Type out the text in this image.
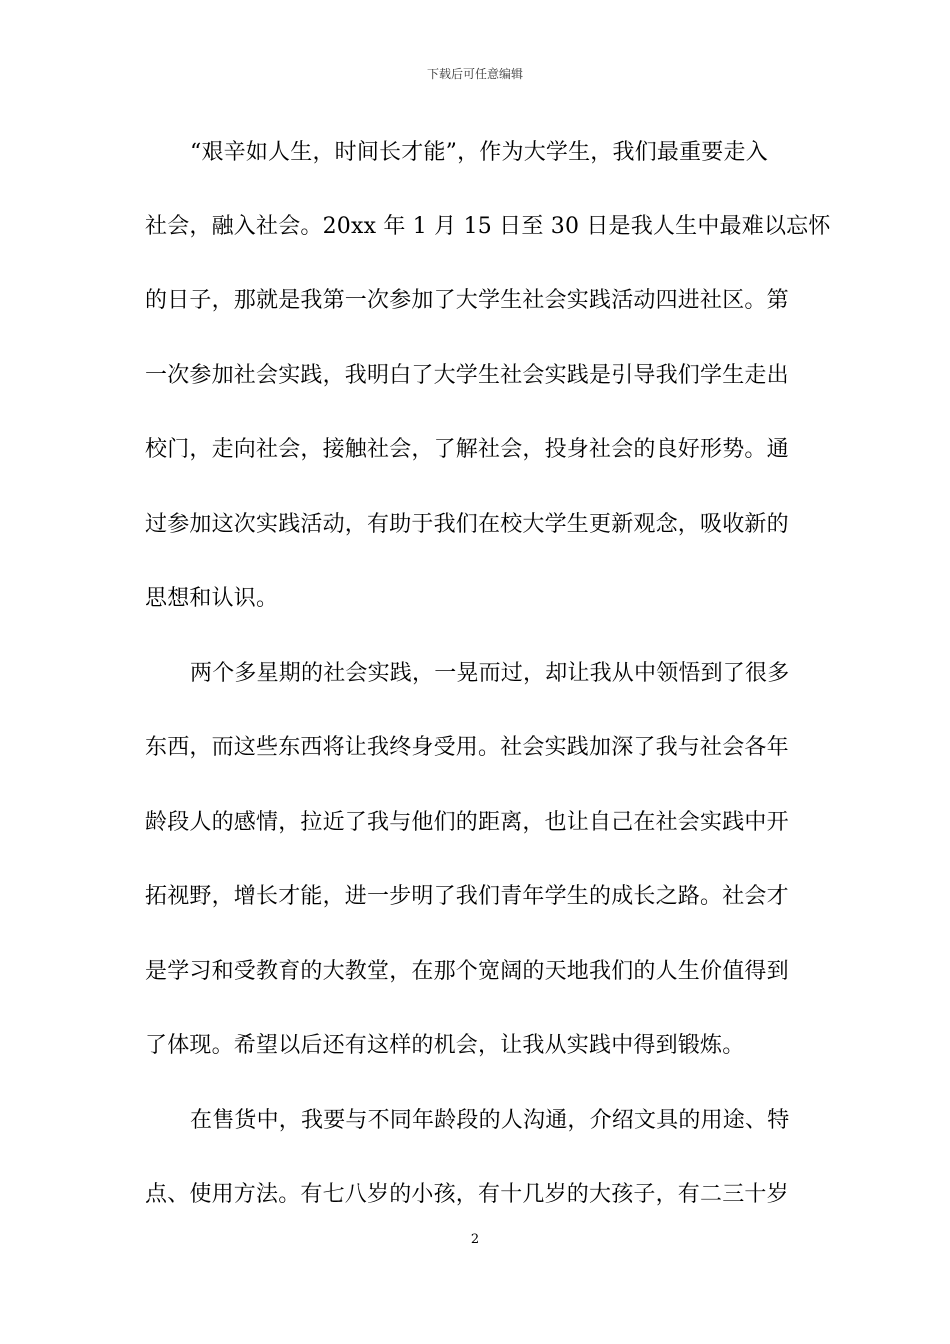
下载后可任意编辑
“艰辛如人生，时间长才能”，作为大学生，我们最重要走入
社会，融入社会。20xx 年 1 月 15 日至 30 日是我人生中最难以忘怀
的日子，那就是我第一次参加了大学生社会实践活动四进社区。第
一次参加社会实践，我明白了大学生社会实践是引导我们学生走出
校门，走向社会，接触社会，了解社会，投身社会的良好形势。通
过参加这次实践活动，有助于我们在校大学生更新观念，吸收新的
思想和认识。
两个多星期的社会实践，一晃而过，却让我从中领悟到了很多
东西，而这些东西将让我终身受用。社会实践加深了我与社会各年
龄段人的感情，拉近了我与他们的距离，也让自己在社会实践中开
拓视野，增长才能，进一步明了我们青年学生的成长之路。社会才
是学习和受教育的大教堂，在那个宽阔的天地我们的人生价值得到
了体现。希望以后还有这样的机会，让我从实践中得到锻炼。
在售货中，我要与不同年龄段的人沟通，介绍文具的用途、特
点、使用方法。有七八岁的小孩，有十几岁的大孩子，有二三十岁
2
